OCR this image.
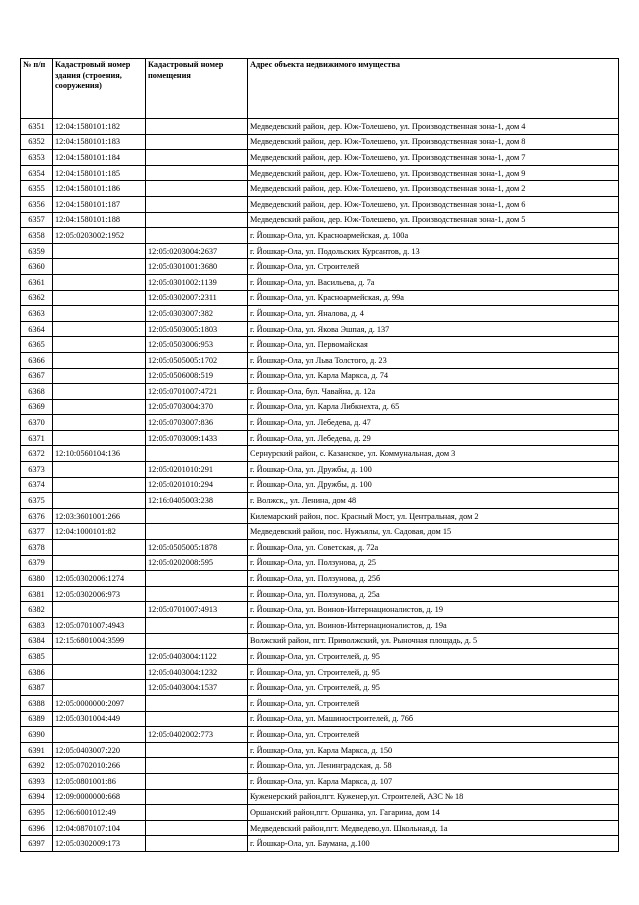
№ п/п	Кадастровый номер здания (строения, сооружения)	Кадастровый номер помещения	Адрес объекта недвижимого имущества
6351	12:04:1580101:182		Медведевский район, дер. Юж-Толешево, ул. Производственная зона-1, дом 4
6352	12:04:1580101:183		Медведевский район, дер. Юж-Толешево, ул. Производственная зона-1, дом 8
6353	12:04:1580101:184		Медведевский район, дер. Юж-Толешево, ул. Производственная зона-1, дом 7
6354	12:04:1580101:185		Медведевский район, дер. Юж-Толешево, ул. Производственная зона-1, дом 9
6355	12:04:1580101:186		Медведевский район, дер. Юж-Толешево, ул. Производственная зона-1, дом 2
6356	12:04:1580101:187		Медведевский район, дер. Юж-Толешево, ул. Производственная зона-1, дом 6
6357	12:04:1580101:188		Медведевский район, дер. Юж-Толешево, ул. Производственная зона-1, дом 5
6358	12:05:0203002:1952		г. Йошкар-Ола, ул. Красноармейская, д. 100а
6359		12:05:0203004:2637	г. Йошкар-Ола, ул. Подольских Курсантов, д. 13
6360		12:05:0301001:3680	г. Йошкар-Ола, ул. Строителей
6361		12:05:0301002:1139	г. Йошкар-Ола, ул. Васильева, д. 7а
6362		12:05:0302007:2311	г. Йошкар-Ола, ул. Красноармейская, д. 99а
6363		12:05:0303007:382	г. Йошкар-Ола, ул. Яналова, д. 4
6364		12:05:0503005:1803	г. Йошкар-Ола, ул. Якова Эшпая, д. 137
6365		12:05:0503006:953	г. Йошкар-Ола, ул. Первомайская
6366		12:05:0505005:1702	г. Йошкар-Ола, ул Льва Толстого, д. 23
6367		12:05:0506008:519	г. Йошкар-Ола, ул. Карла Маркса, д. 74
6368		12:05:0701007:4721	г. Йошкар-Ола, бул. Чавайна, д. 12а
6369		12:05:0703004:370	г. Йошкар-Ола, ул. Карла Либкнехта, д. 65
6370		12:05:0703007:836	г. Йошкар-Ола, ул. Лебедева, д. 47
6371		12:05:0703009:1433	г. Йошкар-Ола, ул. Лебедева, д. 29
6372	12:10:0560104:136		Сернурский район, с. Казанское, ул. Коммунальная, дом 3
6373		12:05:0201010:291	г. Йошкар-Ола, ул. Дружбы, д. 100
6374		12:05:0201010:294	г. Йошкар-Ола, ул. Дружбы, д. 100
6375		12:16:0405003:238	г. Волжск,, ул. Ленина, дом 48
6376	12:03:3601001:266		Килемарский район, пос. Красный Мост, ул. Центральная, дом 2
6377	12:04:1000101:82		Медведевский район, пос. Нужъялы, ул. Садовая, дом 15
6378		12:05:0505005:1878	г. Йошкар-Ола, ул. Советская, д. 72а
6379		12:05:0202008:595	г. Йошкар-Ола, ул. Ползунова, д. 25
6380	12:05:0302006:1274		г. Йошкар-Ола, ул. Ползунова, д. 25б
6381	12:05:0302006:973		г. Йошкар-Ола, ул. Ползунова, д. 25а
6382		12:05:0701007:4913	г. Йошкар-Ола, ул. Воинов-Интернационалистов, д. 19
6383	12:05:0701007:4943		г. Йошкар-Ола, ул. Воинов-Интернационалистов, д. 19а
6384	12:15:6801004:3599		Волжский район, пгт. Приволжский, ул. Рыночная площадь, д. 5
6385		12:05:0403004:1122	г. Йошкар-Ола, ул. Строителей, д. 95
6386		12:05:0403004:1232	г. Йошкар-Ола, ул. Строителей, д. 95
6387		12:05:0403004:1537	г. Йошкар-Ола, ул. Строителей, д. 95
6388	12:05:0000000:2097		г. Йошкар-Ола, ул. Строителей
6389	12:05:0301004:449		г. Йошкар-Ола, ул. Машиностроителей, д. 76б
6390		12:05:0402002:773	г. Йошкар-Ола, ул. Строителей
6391	12:05:0403007:220		г. Йошкар-Ола, ул. Карла Маркса, д. 150
6392	12:05:0702010:266		г. Йошкар-Ола, ул. Ленинградская, д. 58
6393	12:05:0801001:86		г. Йошкар-Ола, ул. Карла Маркса, д. 107
6394	12:09:0000000:668		Куженерский район,пгт. Куженер,ул. Строителей, АЗС № 18
6395	12:06:6001012:49		Оршанский район,пгт. Оршанка, ул. Гагарина, дом 14
6396	12:04:0870107:104		Медведевский район,пгт. Медведево,ул. Школьная,д. 1а
6397	12:05:0302009:173		г. Йошкар-Ола, ул. Баумана, д.100
